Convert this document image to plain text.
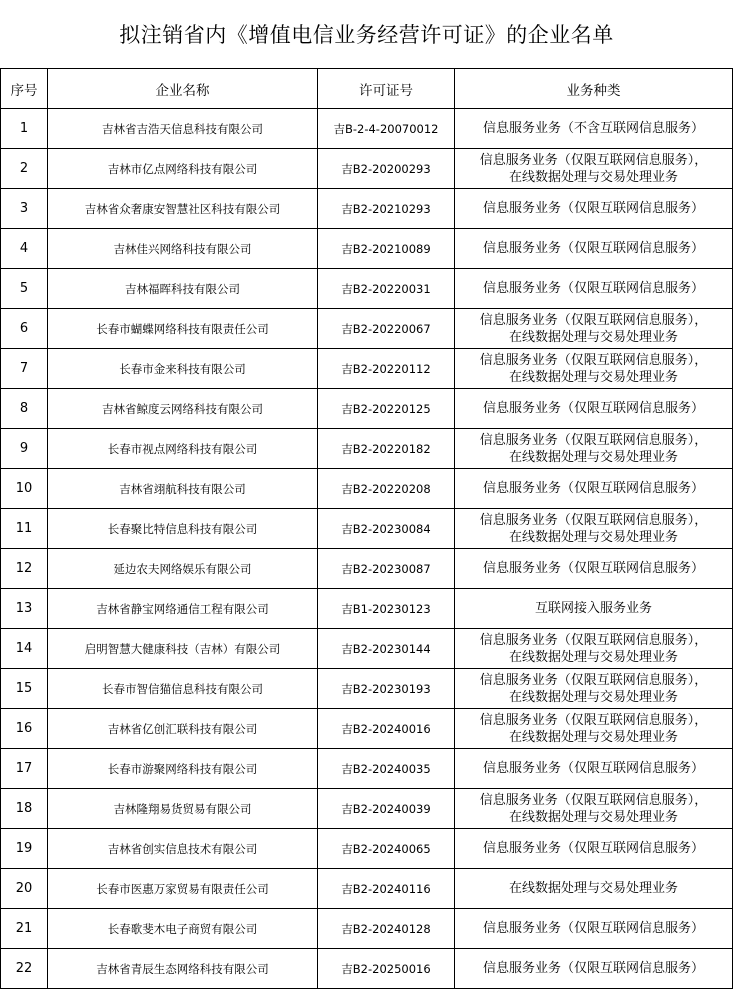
拟注销省内《增值电信业务经营许可证》的企业名单
序号	企业名称	许可证号	业务种类
1	吉林省吉浩天信息科技有限公司	吉B-2-4-20070012	信息服务业务（不含互联网信息服务）

2	吉林市亿点网络科技有限公司	吉B2-20200293	信息服务业务（仅限互联网信息服务），
在线数据处理与交易处理业务

3	吉林省众奢康安智慧社区科技有限公司	吉B2-20210293	信息服务业务（仅限互联网信息服务）

4	吉林佳兴网络科技有限公司	吉B2-20210089	信息服务业务（仅限互联网信息服务）

5	吉林福晖科技有限公司	吉B2-20220031	信息服务业务（仅限互联网信息服务）

6	长春市蝴蝶网络科技有限责任公司	吉B2-20220067	信息服务业务（仅限互联网信息服务），
在线数据处理与交易处理业务

7	长春市金来科技有限公司	吉B2-20220112	信息服务业务（仅限互联网信息服务），
在线数据处理与交易处理业务

8	吉林省鲸度云网络科技有限公司	吉B2-20220125	信息服务业务（仅限互联网信息服务）

9	长春市视点网络科技有限公司	吉B2-20220182	信息服务业务（仅限互联网信息服务），
在线数据处理与交易处理业务

10	吉林省翊航科技有限公司	吉B2-20220208	信息服务业务（仅限互联网信息服务）

11	长春聚比特信息科技有限公司	吉B2-20230084	信息服务业务（仅限互联网信息服务），
在线数据处理与交易处理业务

12	延边农夫网络娱乐有限公司	吉B2-20230087	信息服务业务（仅限互联网信息服务）

13	吉林省静宝网络通信工程有限公司	吉B1-20230123	互联网接入服务业务

14	启明智慧大健康科技（吉林）有限公司	吉B2-20230144	信息服务业务（仅限互联网信息服务），
在线数据处理与交易处理业务

15	长春市智信猫信息科技有限公司	吉B2-20230193	信息服务业务（仅限互联网信息服务），
在线数据处理与交易处理业务

16	吉林省亿创汇联科技有限公司	吉B2-20240016	信息服务业务（仅限互联网信息服务），
在线数据处理与交易处理业务

17	长春市游聚网络科技有限公司	吉B2-20240035	信息服务业务（仅限互联网信息服务）

18	吉林隆翔易货贸易有限公司	吉B2-20240039	信息服务业务（仅限互联网信息服务），
在线数据处理与交易处理业务

19	吉林省创实信息技术有限公司	吉B2-20240065	信息服务业务（仅限互联网信息服务）

20	长春市医惠万家贸易有限责任公司	吉B2-20240116	在线数据处理与交易处理业务

21	长春歌斐木电子商贸有限公司	吉B2-20240128	信息服务业务（仅限互联网信息服务）

22	吉林省青辰生态网络科技有限公司	吉B2-20250016	信息服务业务（仅限互联网信息服务）
